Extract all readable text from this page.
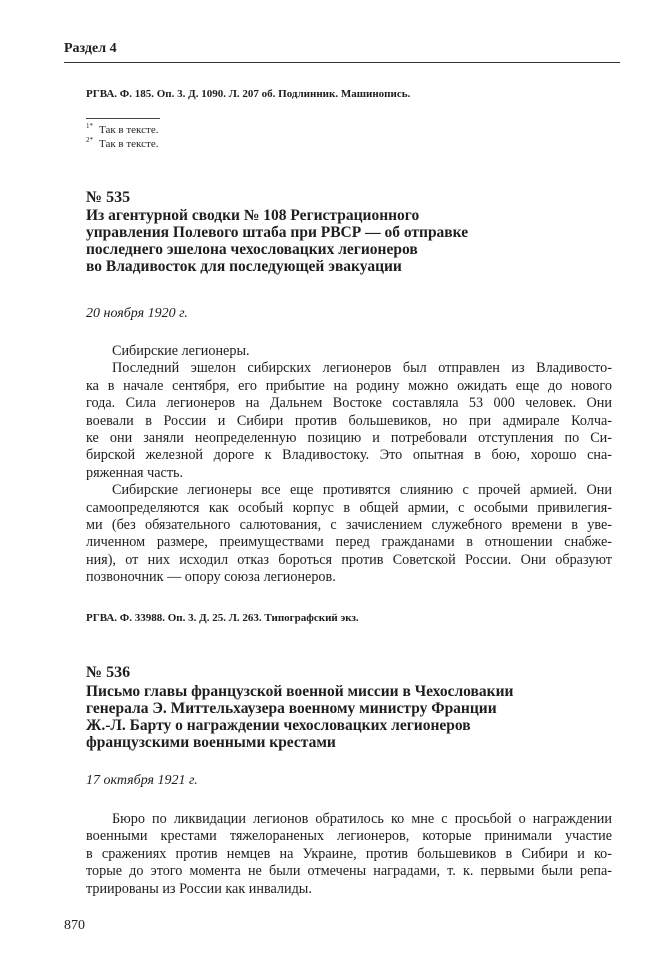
Раздел 4
РГВА. Ф. 185. Оп. 3. Д. 1090. Л. 207 об. Подлинник. Машинопись.
$^{1*}$ Так в тексте.
$^{2*}$ Так в тексте.
№ 535
Из агентурной сводки № 108 Регистрационного
управления Полевого штаба при РВСР — об отправке
последнего эшелона чехословацких легионеров
во Владивосток для последующей эвакуации
20 ноября 1920 г.
Сибирские легионеры.
Последний эшелон сибирских легионеров был отправлен из Владивосто-
ка в начале сентября, его прибытие на родину можно ожидать еще до нового
года. Сила легионеров на Дальнем Востоке составляла 53 000 человек. Они
воевали в России и Сибири против большевиков, но при адмирале Колча-
ке они заняли неопределенную позицию и потребовали отступления по Си-
бирской железной дороге к Владивостоку. Это опытная в бою, хорошо сна-
ряженная часть.
Сибирские легионеры все еще противятся слиянию с прочей армией. Они
самоопределяются как особый корпус в общей армии, с особыми привилегия-
ми (без обязательного салютования, с зачислением служебного времени в уве-
личенном размере, преимуществами перед гражданами в отношении снабже-
ния), от них исходил отказ бороться против Советской России. Они образуют
позвоночник — опору союза легионеров.
РГВА. Ф. 33988. Оп. 3. Д. 25. Л. 263. Типографский экз.
№ 536
Письмо главы французской военной миссии в Чехословакии
генерала Э. Миттельхаузера военному министру Франции
Ж.-Л. Барту о награждении чехословацких легионеров
французскими военными крестами
17 октября 1921 г.
Бюро по ликвидации легионов обратилось ко мне с просьбой о награждении
военными крестами тяжелораненых легионеров, которые принимали участие
в сражениях против немцев на Украине, против большевиков в Сибири и ко-
торые до этого момента не были отмечены наградами, т. к. первыми были репа-
триированы из России как инвалиды.
870
